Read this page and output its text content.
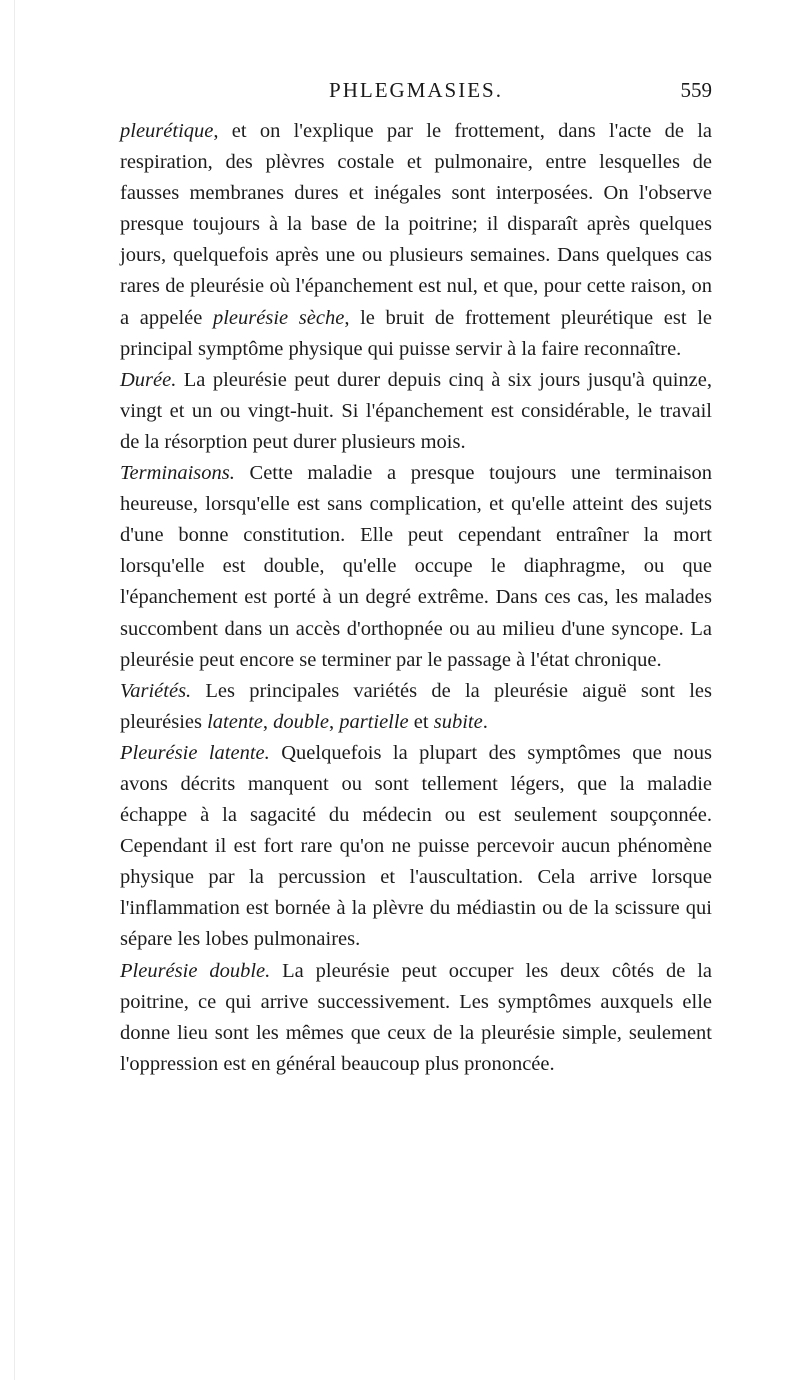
PHLEGMASIES.	559

pleurétique, et on l'explique par le frottement, dans l'acte de la respiration, des plèvres costale et pulmonaire, entre lesquelles de fausses membranes dures et inégales sont interposées. On l'observe presque toujours à la base de la poitrine; il disparaît après quelques jours, quelquefois après une ou plusieurs semaines. Dans quelques cas rares de pleurésie où l'épanchement est nul, et que, pour cette raison, on a appelée pleurésie sèche, le bruit de frottement pleurétique est le principal symptôme physique qui puisse servir à la faire reconnaître.

Durée. La pleurésie peut durer depuis cinq à six jours jusqu'à quinze, vingt et un ou vingt-huit. Si l'épanchement est considérable, le travail de la résorption peut durer plusieurs mois.

Terminaisons. Cette maladie a presque toujours une terminaison heureuse, lorsqu'elle est sans complication, et qu'elle atteint des sujets d'une bonne constitution. Elle peut cependant entraîner la mort lorsqu'elle est double, qu'elle occupe le diaphragme, ou que l'épanchement est porté à un degré extrême. Dans ces cas, les malades succombent dans un accès d'orthopnée ou au milieu d'une syncope. La pleurésie peut encore se terminer par le passage à l'état chronique.

Variétés. Les principales variétés de la pleurésie aiguë sont les pleurésies latente, double, partielle et subite.

Pleurésie latente. Quelquefois la plupart des symptômes que nous avons décrits manquent ou sont tellement légers, que la maladie échappe à la sagacité du médecin ou est seulement soupçonnée. Cependant il est fort rare qu'on ne puisse percevoir aucun phénomène physique par la percussion et l'auscultation. Cela arrive lorsque l'inflammation est bornée à la plèvre du médiastin ou de la scissure qui sépare les lobes pulmonaires.

Pleurésie double. La pleurésie peut occuper les deux côtés de la poitrine, ce qui arrive successivement. Les symptômes auxquels elle donne lieu sont les mêmes que ceux de la pleurésie simple, seulement l'oppression est en général beaucoup plus prononcée.
